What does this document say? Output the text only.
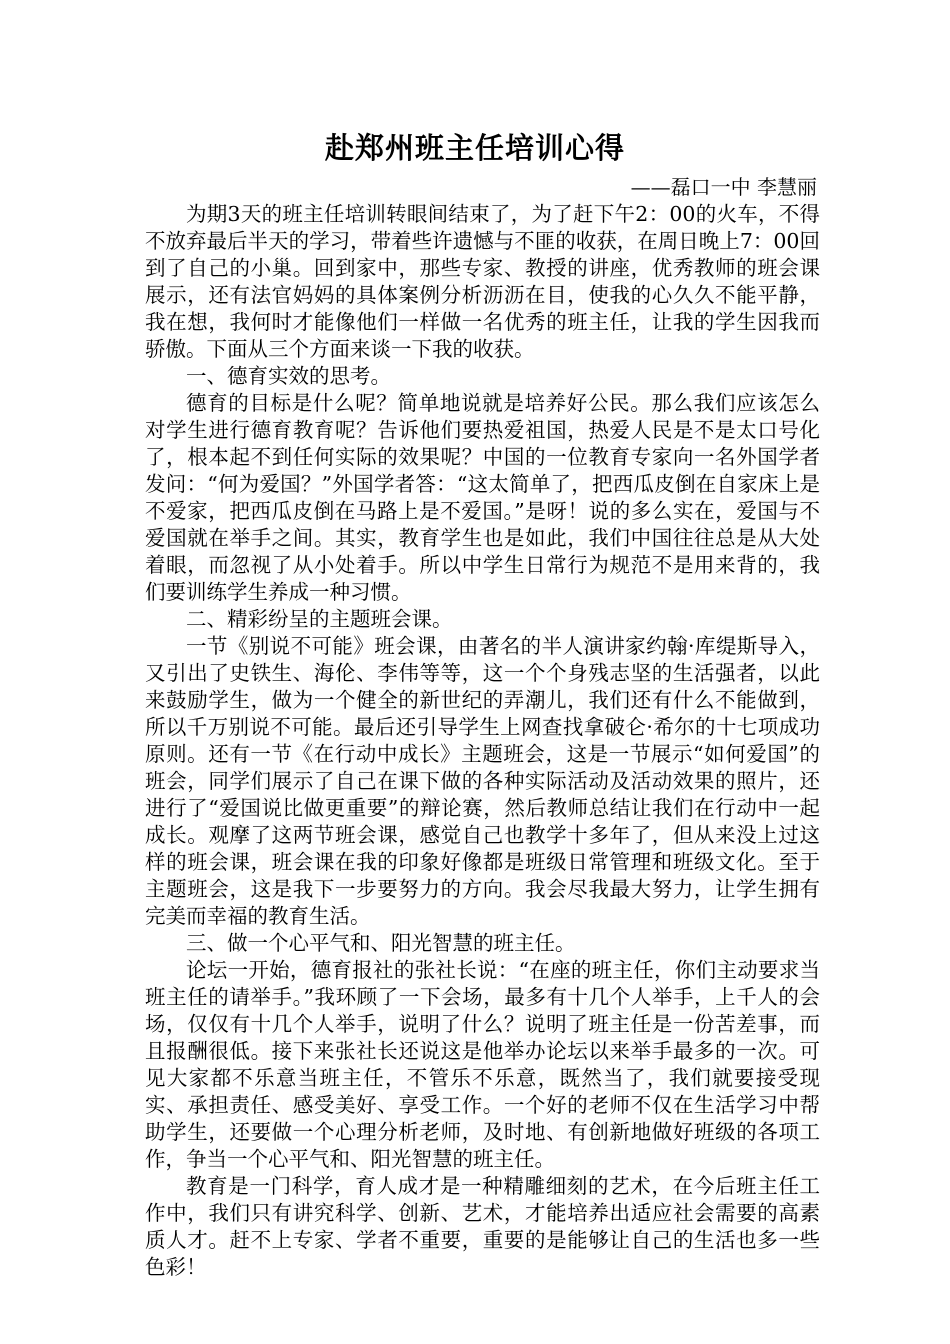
赴郑州班主任培训心得
——磊口一中 李慧丽

为期3天的班主任培训转眼间结束了，为了赶下午2：00的火车，不得不放弃最后半天的学习，带着些许遗憾与不匪的收获，在周日晚上7：00回到了自己的小巢。回到家中，那些专家、教授的讲座，优秀教师的班会课展示，还有法官妈妈的具体案例分析沥沥在目，使我的心久久不能平静，我在想，我何时才能像他们一样做一名优秀的班主任，让我的学生因我而骄傲。下面从三个方面来谈一下我的收获。

一、德育实效的思考。

德育的目标是什么呢？简单地说就是培养好公民。那么我们应该怎么对学生进行德育教育呢？告诉他们要热爱祖国，热爱人民是不是太口号化了，根本起不到任何实际的效果呢？中国的一位教育专家向一名外国学者发问：“何为爱国？”外国学者答：“这太简单了，把西瓜皮倒在自家床上是不爱家，把西瓜皮倒在马路上是不爱国。”是呀！说的多么实在，爱国与不爱国就在举手之间。其实，教育学生也是如此，我们中国往往总是从大处着眼，而忽视了从小处着手。所以中学生日常行为规范不是用来背的，我们要训练学生养成一种习惯。

二、精彩纷呈的主题班会课。

一节《别说不可能》班会课，由著名的半人演讲家约翰·库缇斯导入，又引出了史铁生、海伦、李伟等等，这一个个身残志坚的生活强者，以此来鼓励学生，做为一个健全的新世纪的弄潮儿，我们还有什么不能做到，所以千万别说不可能。最后还引导学生上网查找拿破仑·希尔的十七项成功原则。还有一节《在行动中成长》主题班会，这是一节展示“如何爱国”的班会，同学们展示了自己在课下做的各种实际活动及活动效果的照片，还进行了“爱国说比做更重要”的辩论赛，然后教师总结让我们在行动中一起成长。观摩了这两节班会课，感觉自己也教学十多年了，但从来没上过这样的班会课，班会课在我的印象好像都是班级日常管理和班级文化。至于主题班会，这是我下一步要努力的方向。我会尽我最大努力，让学生拥有完美而幸福的教育生活。

三、做一个心平气和、阳光智慧的班主任。

论坛一开始，德育报社的张社长说：“在座的班主任，你们主动要求当班主任的请举手。”我环顾了一下会场，最多有十几个人举手，上千人的会场，仅仅有十几个人举手，说明了什么？说明了班主任是一份苦差事，而且报酬很低。接下来张社长还说这是他举办论坛以来举手最多的一次。可见大家都不乐意当班主任，不管乐不乐意，既然当了，我们就要接受现实、承担责任、感受美好、享受工作。一个好的老师不仅在生活学习中帮助学生，还要做一个心理分析老师，及时地、有创新地做好班级的各项工作，争当一个心平气和、阳光智慧的班主任。

教育是一门科学，育人成才是一种精雕细刻的艺术，在今后班主任工作中，我们只有讲究科学、创新、艺术，才能培养出适应社会需要的高素质人才。赶不上专家、学者不重要，重要的是能够让自己的生活也多一些色彩！
